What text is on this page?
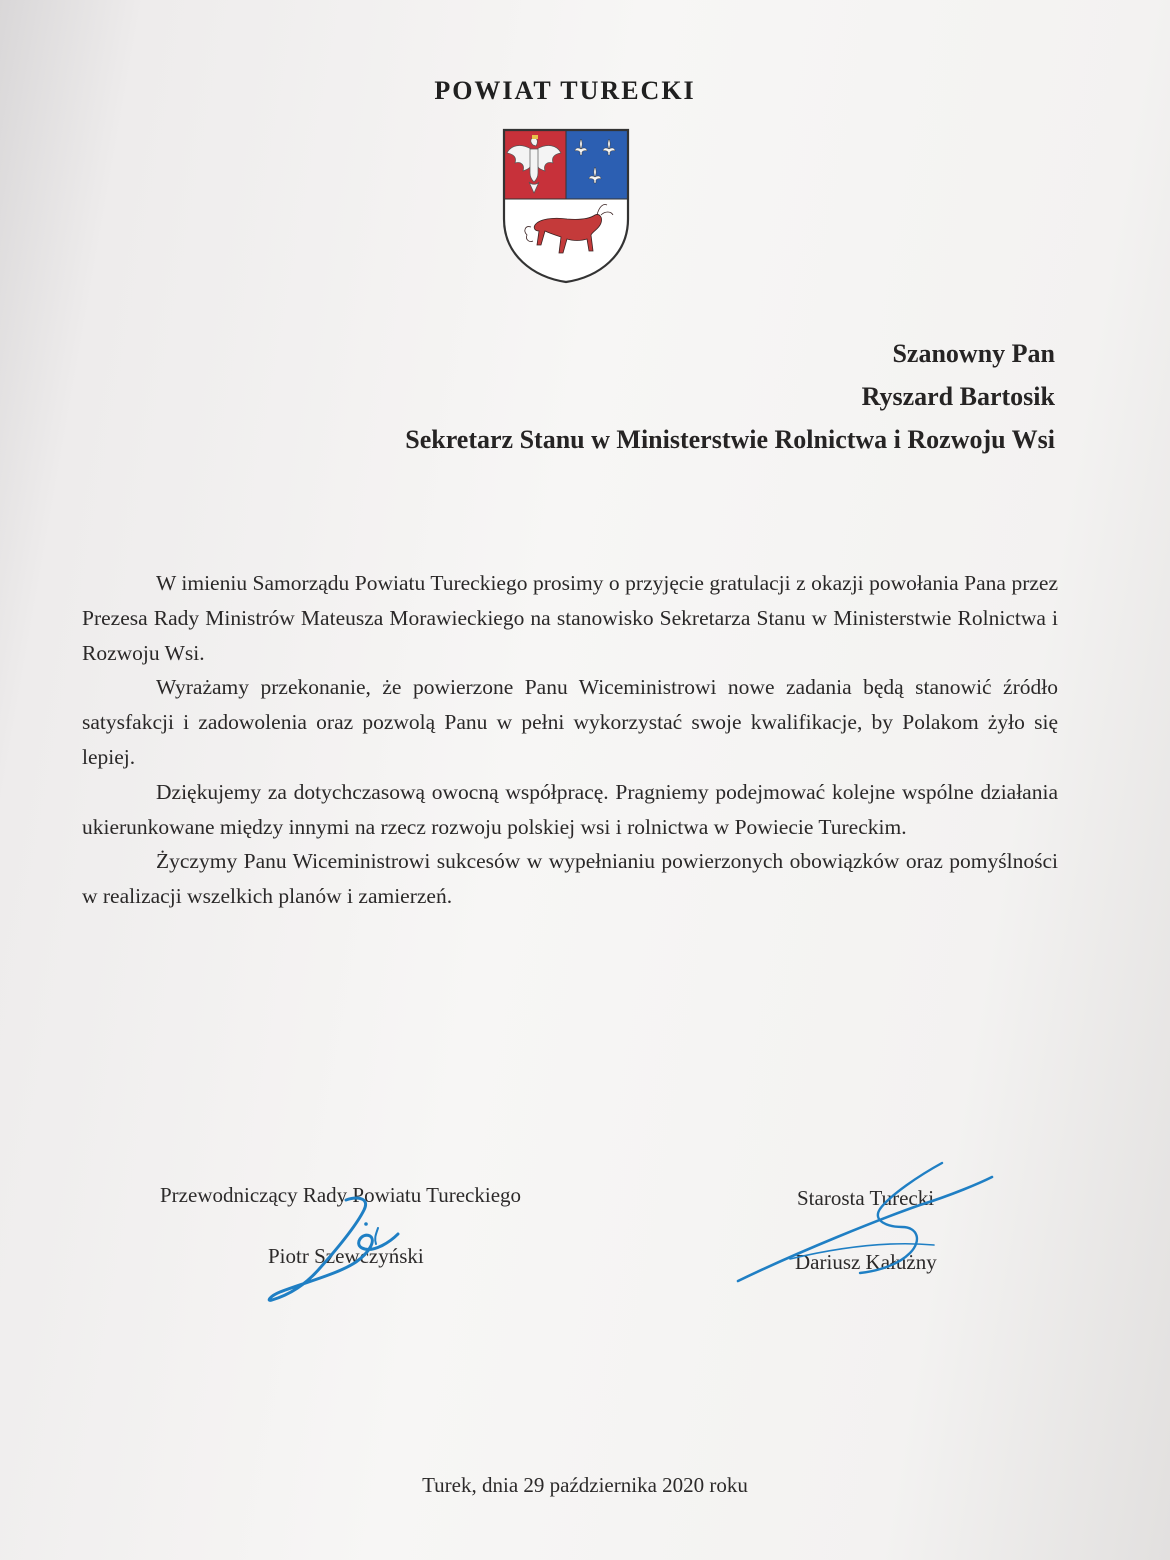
POWIAT TURECKI
Szanowny Pan
Ryszard Bartosik
Sekretarz Stanu w Ministerstwie Rolnictwa i Rozwoju Wsi

W imieniu Samorządu Powiatu Tureckiego prosimy o przyjęcie gratulacji z okazji powołania Pana przez Prezesa Rady Ministrów Mateusza Morawieckiego na stanowisko Sekretarza Stanu w Ministerstwie Rolnictwa i Rozwoju Wsi.

Wyrażamy przekonanie, że powierzone Panu Wiceministrowi nowe zadania będą stanowić źródło satysfakcji i zadowolenia oraz pozwolą Panu w pełni wykorzystać swoje kwalifikacje, by Polakom żyło się lepiej.

Dziękujemy za dotychczasową owocną współpracę. Pragniemy podejmować kolejne wspólne działania ukierunkowane między innymi na rzecz rozwoju polskiej wsi i rolnictwa w Powiecie Tureckim.

Życzymy Panu Wiceministrowi sukcesów w wypełnianiu powierzonych obowiązków oraz pomyślności w realizacji wszelkich planów i zamierzeń.

Przewodniczący Rady Powiatu Tureckiego
Piotr Szewczyński
Starosta Turecki
Dariusz Kałużny
Turek, dnia 29 października 2020 roku
